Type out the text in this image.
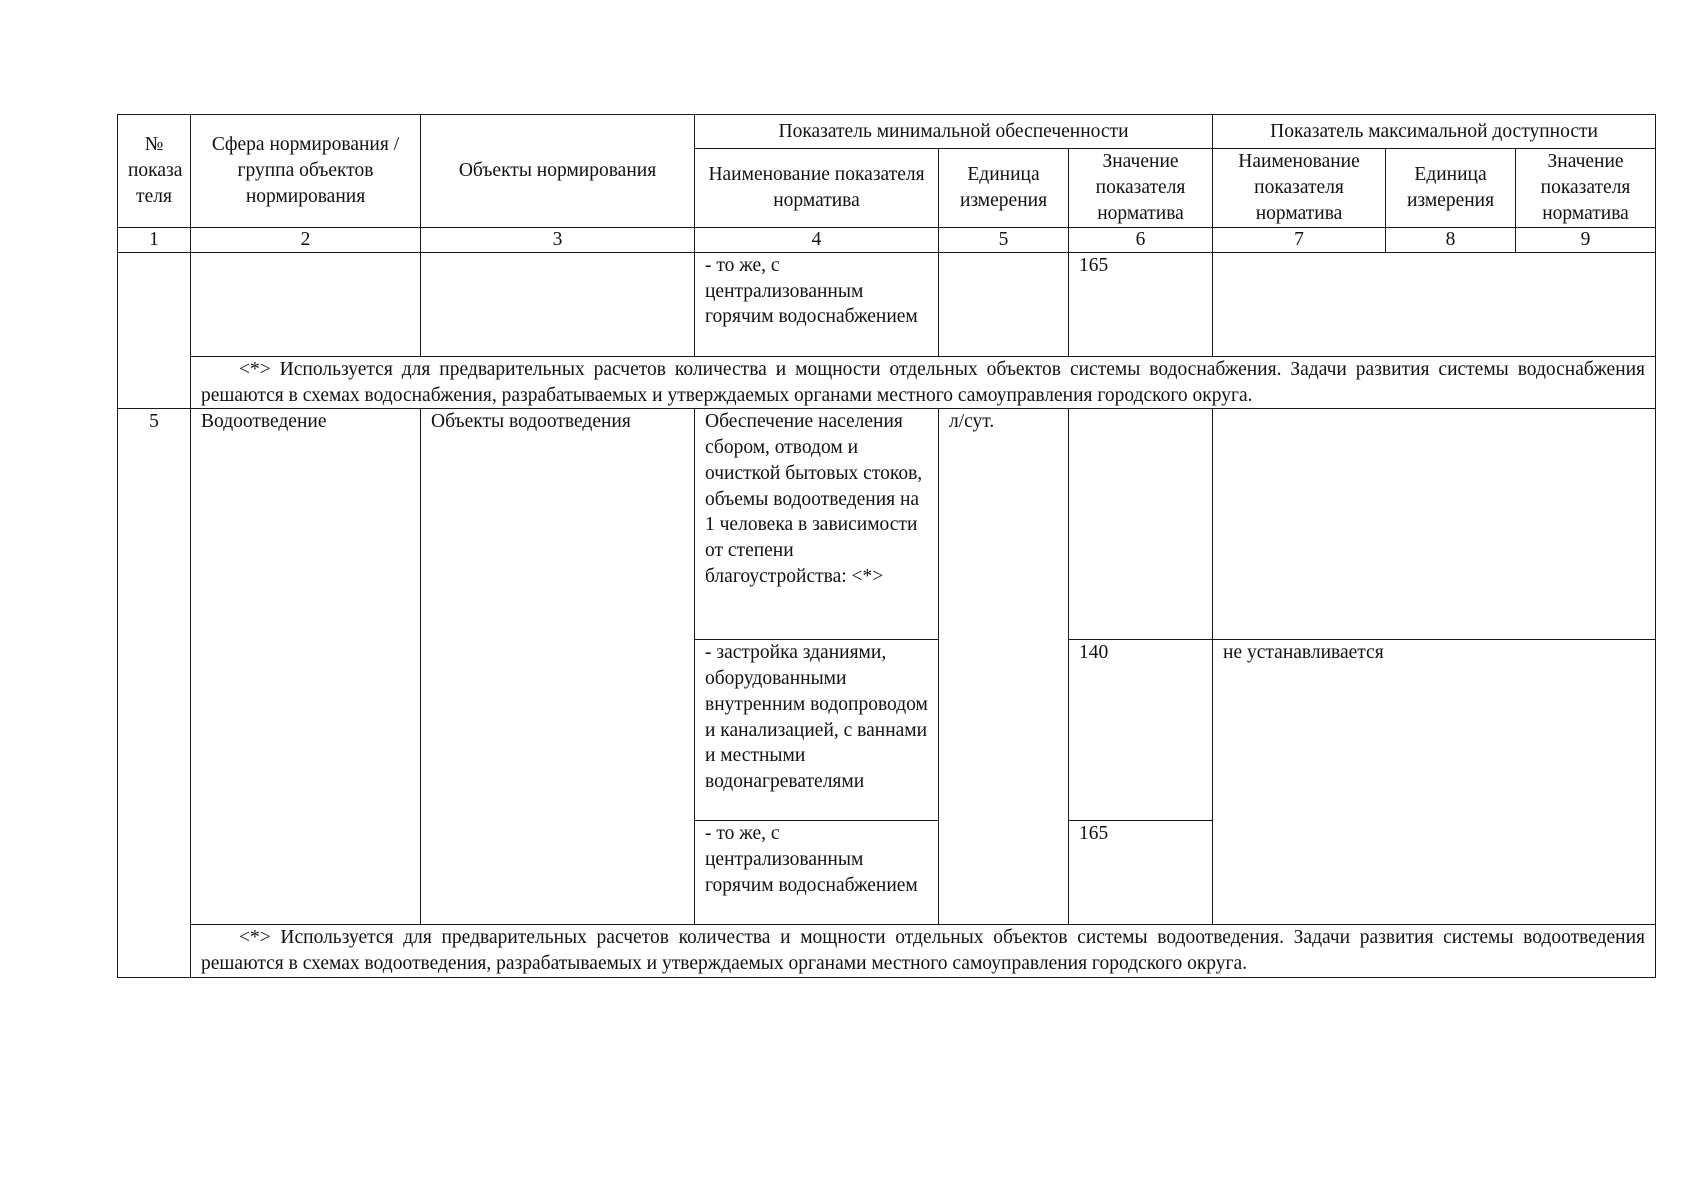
№ показа теля	Сфера нормирования / группа объектов нормирования	Объекты нормирования	Показатель минимальной обеспеченности			Показатель максимальной доступности		
			Наименование показателя норматива	Единица измерения	Значение показателя норматива	Наименование показателя норматива	Единица измерения	Значение показателя норматива
1	2	3	4	5	6	7	8	9
			- то же, с централизованным горячим водоснабжением		165			
	<*> Используется для предварительных расчетов количества и мощности отдельных объектов системы водоснабжения. Задачи развития системы водоснабжения решаются в схемах водоснабжения, разрабатываемых и утверждаемых органами местного самоуправления городского округа.							
5	Водоотведение	Объекты водоотведения	Обеспечение населения сбором, отводом и очисткой бытовых стоков, объемы водоотведения на 1 человека в зависимости от степени благоустройства: <*>	л/сут.				
			- застройка зданиями, оборудованными внутренним водопроводом и канализацией, с ваннами и местными водонагревателями		140	не устанавливается		
			- то же, с централизованным горячим водоснабжением		165			
	<*> Используется для предварительных расчетов количества и мощности отдельных объектов системы водоотведения. Задачи развития системы водоотведения решаются в схемах водоотведения, разрабатываемых и утверждаемых органами местного самоуправления городского округа.							
